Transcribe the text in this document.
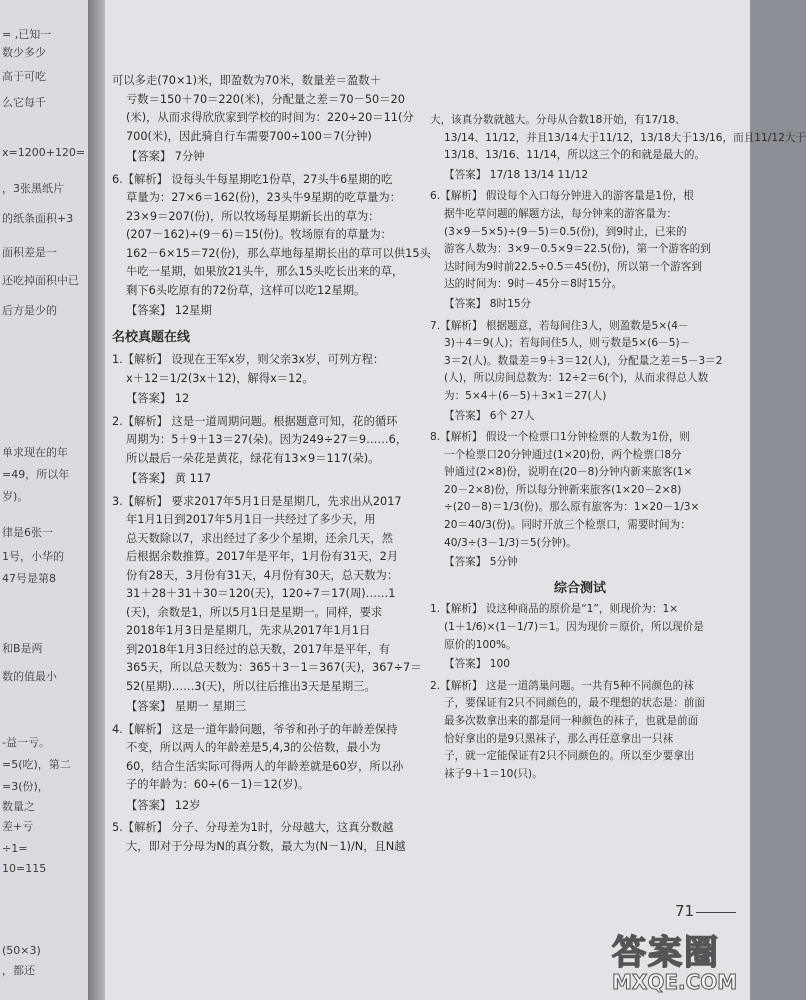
= ,已知一
数少多少
高于可吃
么它每千
x=1200+120=
，3张黑纸片
的纸条面积+3
面积差是一
还吃掉面积中已
后方是少的
单求现在的年
=49，所以年
岁)。
律是6张一
1号，小华的
47号是第8
和B是两
数的值最小
-益一亏。
=5(吃)，第二
=3(份)，
数量之
差+亏
÷1=
10=115
(50×3)
，都还
可以多走(70×1)米，即盈数为70米，数量差＝盈数＋
亏数＝150＋70＝220(米)，分配量之差＝70－50＝20
(米)，从而求得欣欣家到学校的时间为：220÷20＝11(分
700(米)，因此骑自行车需要700÷100＝7(分钟)
【答案】 7分钟
6.【解析】 设每头牛每星期吃1份草，27头牛6星期的吃
草量为：27×6＝162(份)，23头牛9星期的吃草量为：
23×9＝207(份)，所以牧场每星期新长出的草为：
(207－162)÷(9－6)＝15(份)。牧场原有的草量为：
162－6×15＝72(份)，那么草地每星期长出的草可以供15头
牛吃一星期，如果放21头牛，那么15头吃长出来的草，
剩下6头吃原有的72份草，这样可以吃12星期。
【答案】 12星期
名校真题在线
1.【解析】 设现在王军x岁，则父亲3x岁，可列方程：
x＋12＝1/2(3x＋12)，解得x＝12。
【答案】 12
2.【解析】 这是一道周期问题。根据题意可知，花的循环
周期为：5＋9＋13＝27(朵)。因为249÷27＝9……6，
所以最后一朵花是黄花，绿花有13×9＝117(朵)。
【答案】 黄 117
3.【解析】 要求2017年5月1日是星期几，先求出从2017
年1月1日到2017年5月1日一共经过了多少天，用
总天数除以7，求出经过了多少个星期，还余几天，然
后根据余数推算。2017年是平年，1月份有31天，2月
份有28天，3月份有31天，4月份有30天，总天数为：
31＋28＋31＋30＝120(天)，120÷7＝17(周)……1
(天)，余数是1，所以5月1日是星期一。同样，要求
2018年1月3日是星期几，先求从2017年1月1日
到2018年1月3日经过的总天数，2017年是平年，有
365天，所以总天数为：365＋3－1＝367(天)，367÷7＝
52(星期)……3(天)，所以往后推出3天是星期三。
【答案】 星期一 星期三
4.【解析】 这是一道年龄问题，爷爷和孙子的年龄差保持
不变，所以两人的年龄差是5,4,3的公倍数，最小为
60，结合生活实际可得两人的年龄差就是60岁，所以孙
子的年龄为：60÷(6－1)＝12(岁)。
【答案】 12岁
5.【解析】 分子、分母差为1时，分母越大，这真分数越
大，即对于分母为N的真分数，最大为(N－1)/N，且N越
大，该真分数就越大。分母从合数18开始，有17/18、
13/14、11/12，并且13/14大于11/12，13/18大于13/16，而且11/12大于
13/18、13/16、11/14，所以这三个的和就是最大的。
【答案】 17/18 13/14 11/12
6.【解析】 假设每个入口每分钟进入的游客量是1份，根
据牛吃草问题的解题方法，每分钟来的游客量为：
(3×9－5×5)÷(9－5)＝0.5(份)，到9时止，已来的
游客人数为：3×9－0.5×9＝22.5(份)，第一个游客的到
达时间为9时前22.5÷0.5＝45(份)，所以第一个游客到
达的时间为：9时－45分＝8时15分。
【答案】 8时15分
7.【解析】 根据题意，若每间住3人，则盈数是5×(4－
3)＋4＝9(人)；若每间住5人，则亏数是5×(6－5)－
3＝2(人)。数量差＝9＋3＝12(人)，分配量之差＝5－3＝2
(人)，所以房间总数为：12÷2＝6(个)，从而求得总人数
为：5×4＋(6－5)＋3×1＝27(人)
【答案】 6个 27人
8.【解析】 假设一个检票口1分钟检票的人数为1份，则
一个检票口20分钟通过(1×20)份，两个检票口8分
钟通过(2×8)份，说明在(20－8)分钟内新来旅客(1×
20－2×8)份，所以每分钟新来旅客(1×20－2×8)
÷(20－8)＝1/3(份)。那么原有旅客为：1×20－1/3×
20＝40/3(份)。同时开放三个检票口，需要时间为：
40/3÷(3－1/3)＝5(分钟)。
【答案】 5分钟
综合测试
1.【解析】 设这种商品的原价是“1”，则现价为：1×
(1＋1/6)×(1－1/7)＝1。因为现价＝原价，所以现价是
原价的100%。
【答案】 100
2.【解析】 这是一道鸽巢问题。一共有5种不同颜色的袜
子，要保证有2只不同颜色的，最不理想的状态是：前面
最多次数拿出来的都是同一种颜色的袜子，也就是前面
恰好拿出的是9只黑袜子，那么再任意拿出一只袜
子，就一定能保证有2只不同颜色的。所以至少要拿出
袜子9＋1＝10(只)。
71
答案圈
MXQE.COM
